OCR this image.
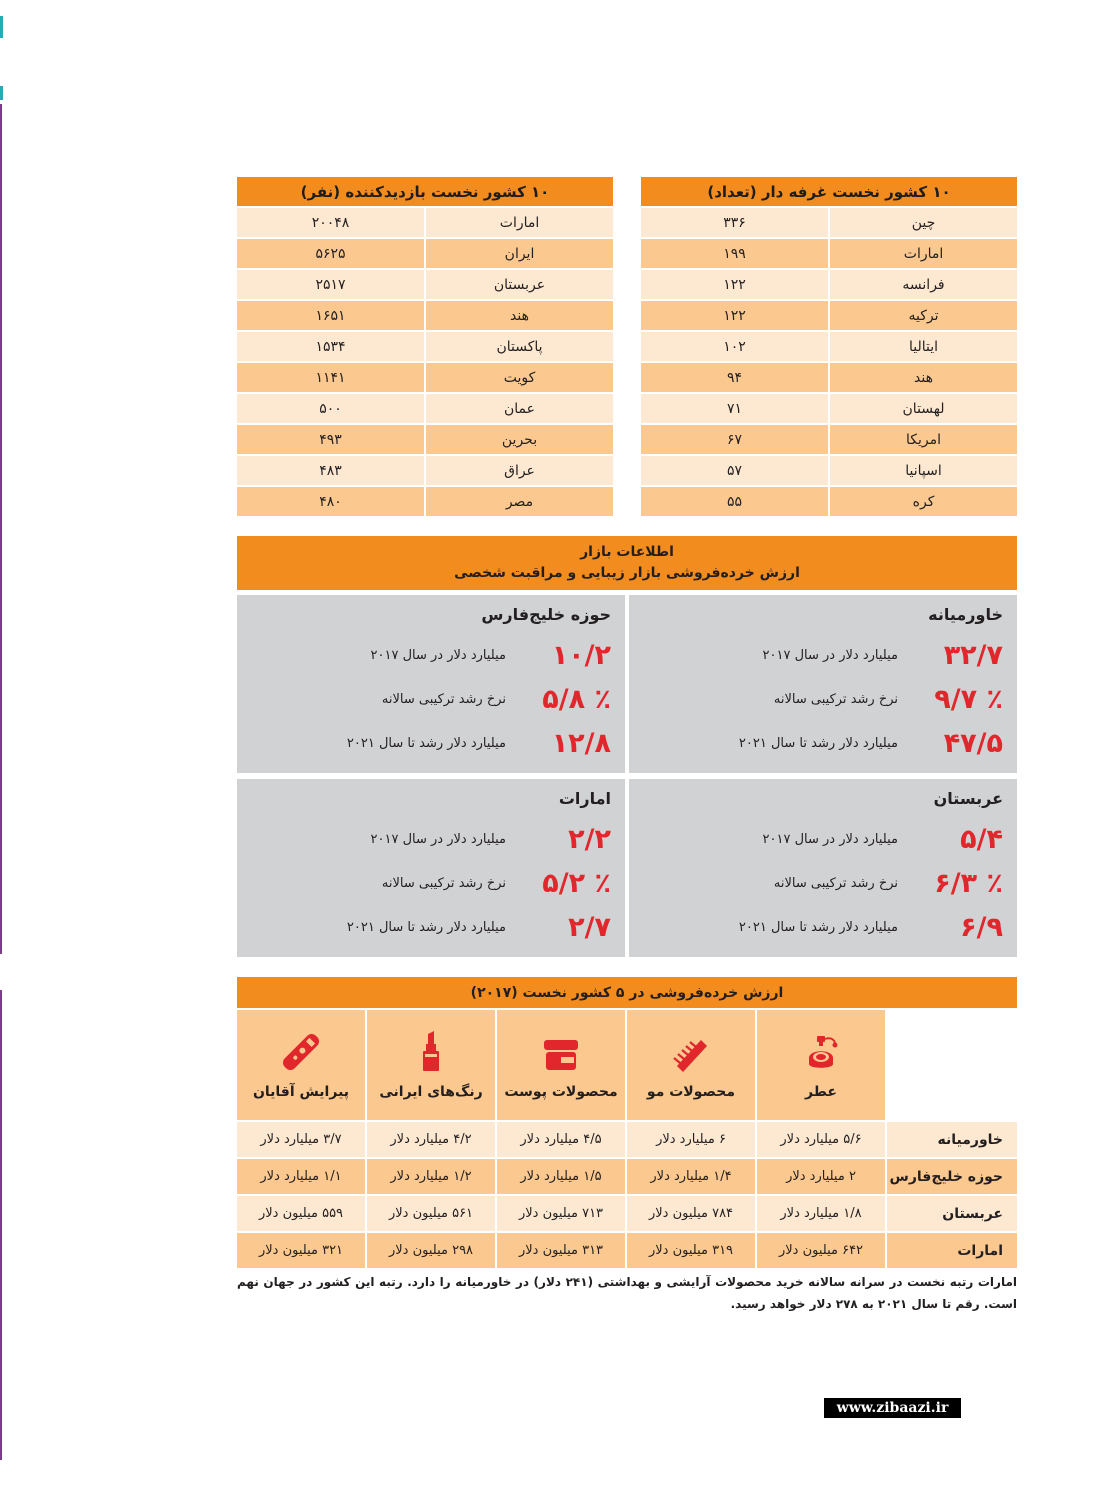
۱۰ کشور نخست بازدیدکننده (نفر)
امارات
۲۰۰۴۸
ایران
۵۶۲۵
عربستان
۲۵۱۷
هند
۱۶۵۱
پاکستان
۱۵۳۴
کویت
۱۱۴۱
عمان
۵۰۰
بحرین
۴۹۳
عراق
۴۸۳
مصر
۴۸۰
۱۰ کشور نخست غرفه دار (تعداد)
چین
۳۳۶
امارات
۱۹۹
فرانسه
۱۲۲
ترکیه
۱۲۲
ایتالیا
۱۰۲
هند
۹۴
لهستان
۷۱
امریکا
۶۷
اسپانیا
۵۷
کره
۵۵
اطلاعات بازار
ارزش خرده‌فروشی بازار زیبایی و مراقبت شخصی
خاورمیانه
۳۲/۷
میلیارد دلار در سال ۲۰۱۷
٪ ۹/۷
نرخ رشد ترکیبی سالانه
۴۷/۵
میلیارد دلار رشد تا سال ۲۰۲۱
حوزه خلیج‌فارس
۱۰/۲
میلیارد دلار در سال ۲۰۱۷
٪ ۵/۸
نرخ رشد ترکیبی سالانه
۱۲/۸
میلیارد دلار رشد تا سال ۲۰۲۱
عربستان
۵/۴
میلیارد دلار در سال ۲۰۱۷
٪ ۶/۳
نرخ رشد ترکیبی سالانه
۶/۹
میلیارد دلار رشد تا سال ۲۰۲۱
امارات
۲/۲
میلیارد دلار در سال ۲۰۱۷
٪ ۵/۲
نرخ رشد ترکیبی سالانه
۲/۷
میلیارد دلار رشد تا سال ۲۰۲۱
ارزش خرده‌فروشی در ۵ کشور نخست (۲۰۱۷)
عطر
محصولات مو
محصولات پوست
رنگ‌های ایرانی
پیرایش آقایان
خاورمیانه
۵/۶ میلیارد دلار
۶ میلیارد دلار
۴/۵ میلیارد دلار
۴/۲ میلیارد دلار
۳/۷ میلیارد دلار
حوزه خلیج‌فارس
۲ میلیارد دلار
۱/۴ میلیارد دلار
۱/۵ میلیارد دلار
۱/۲ میلیارد دلار
۱/۱ میلیارد دلار
عربستان
۱/۸ میلیارد دلار
۷۸۴ میلیون دلار
۷۱۳ میلیون دلار
۵۶۱ میلیون دلار
۵۵۹ میلیون دلار
امارات
۶۴۲ میلیون دلار
۳۱۹ میلیون دلار
۳۱۳ میلیون دلار
۲۹۸ میلیون دلار
۳۲۱ میلیون دلار
امارات رتبه نخست در سرانه سالانه خرید محصولات آرایشی و بهداشتی (۲۴۱ دلار) در خاورمیانه را دارد. رتبه این کشور در جهان نهم است. رقم تا سال ۲۰۲۱ به ۲۷۸ دلار خواهد رسید.
www.zibaazi.ir
